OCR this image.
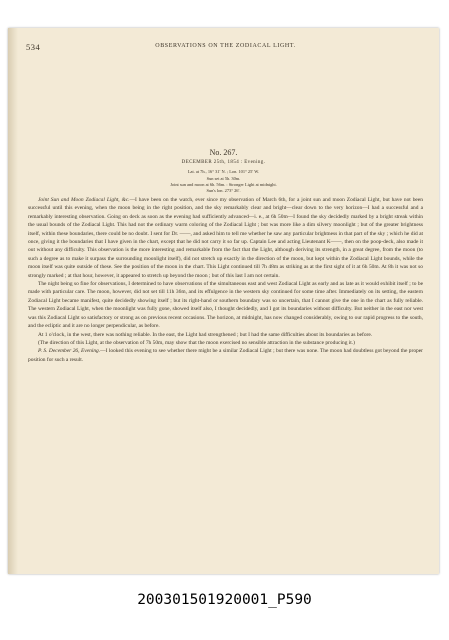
534	OBSERVATIONS ON THE ZODIACAL LIGHT.
No. 267.
DECEMBER 25th, 1854 : Evening.
Lat. at 7h., 16° 31′ N. ; Lon. 101° 25′ W.
Sun set at 5h. 30m.
Joint sun and moon at 6h. 56m. : Stronger Light at midnight.
Sun's lon. 273° 26′.

Joint Sun and Moon Zodiacal Light, &c.—I have been on the watch, ever since my observation of March 6th, for a joint sun and moon Zodiacal Light, but have not been successful until this evening, when the moon being in the right position, and the sky remarkably clear and bright—clear down to the very horizon—I had a successful and a remarkably interesting observation. Going on deck as soon as the evening had sufficiently advanced—i. e., at 6h 50m—I found the sky decidedly marked by a bright streak within the usual bounds of the Zodiacal Light. This had not the ordinary warm coloring of the Zodiacal Light ; but was more like a dim silvery moonlight ; but of the greater brightness itself, within these boundaries, there could be no doubt. I sent for Dr. ——, and asked him to tell me whether he saw any particular brightness in that part of the sky ; which he did at once, giving it the boundaries that I have given in the chart, except that he did not carry it so far up. Captain Lee and acting Lieutenant K——, then on the poop-deck, also made it out without any difficulty. This observation is the more interesting and remarkable from the fact that the Light, although deriving its strength, in a great degree, from the moon (to such a degree as to make it surpass the surrounding moonlight itself), did not stretch up exactly in the direction of the moon, but kept within the Zodiacal Light bounds, while the moon itself was quite outside of these. See the position of the moon in the chart. This Light continued till 7h 48m as striking as at the first sight of it at 6h 50m. At 8h it was not so strongly marked ; at that hour, however, it appeared to stretch up beyond the moon ; but of this last I am not certain.

The night being so fine for observations, I determined to have observations of the simultaneous east and west Zodiacal Light as early and as late as it would exhibit itself ; to be made with particular care. The moon, however, did not set till 11h 36m, and its effulgence in the western sky continued for some time after. Immediately on its setting, the eastern Zodiacal Light became manifest, quite decidedly showing itself ; but its right-hand or southern boundary was so uncertain, that I cannot give the one in the chart as fully reliable. The western Zodiacal Light, when the moonlight was fully gone, showed itself also, I thought decidedly, and I got its boundaries without difficulty. But neither in the east nor west was this Zodiacal Light so satisfactory or strong as on previous recent occasions. The horizon, at midnight, has now changed considerably, owing to our rapid progress to the south, and the ecliptic and it are no longer perpendicular, as before.

At 1 o'clock, in the west, there was nothing reliable. In the east, the Light had strengthened ; but I had the same difficulties about its boundaries as before.

(The direction of this Light, at the observation of 7h 50m, may show that the moon exercised no sensible attraction in the substance producing it.)

P. S. December 26, Evening.—I looked this evening to see whether there might be a similar Zodiacal Light ; but there was none. The moon had doubtless got beyond the proper position for such a result.

200301501920001_P590
